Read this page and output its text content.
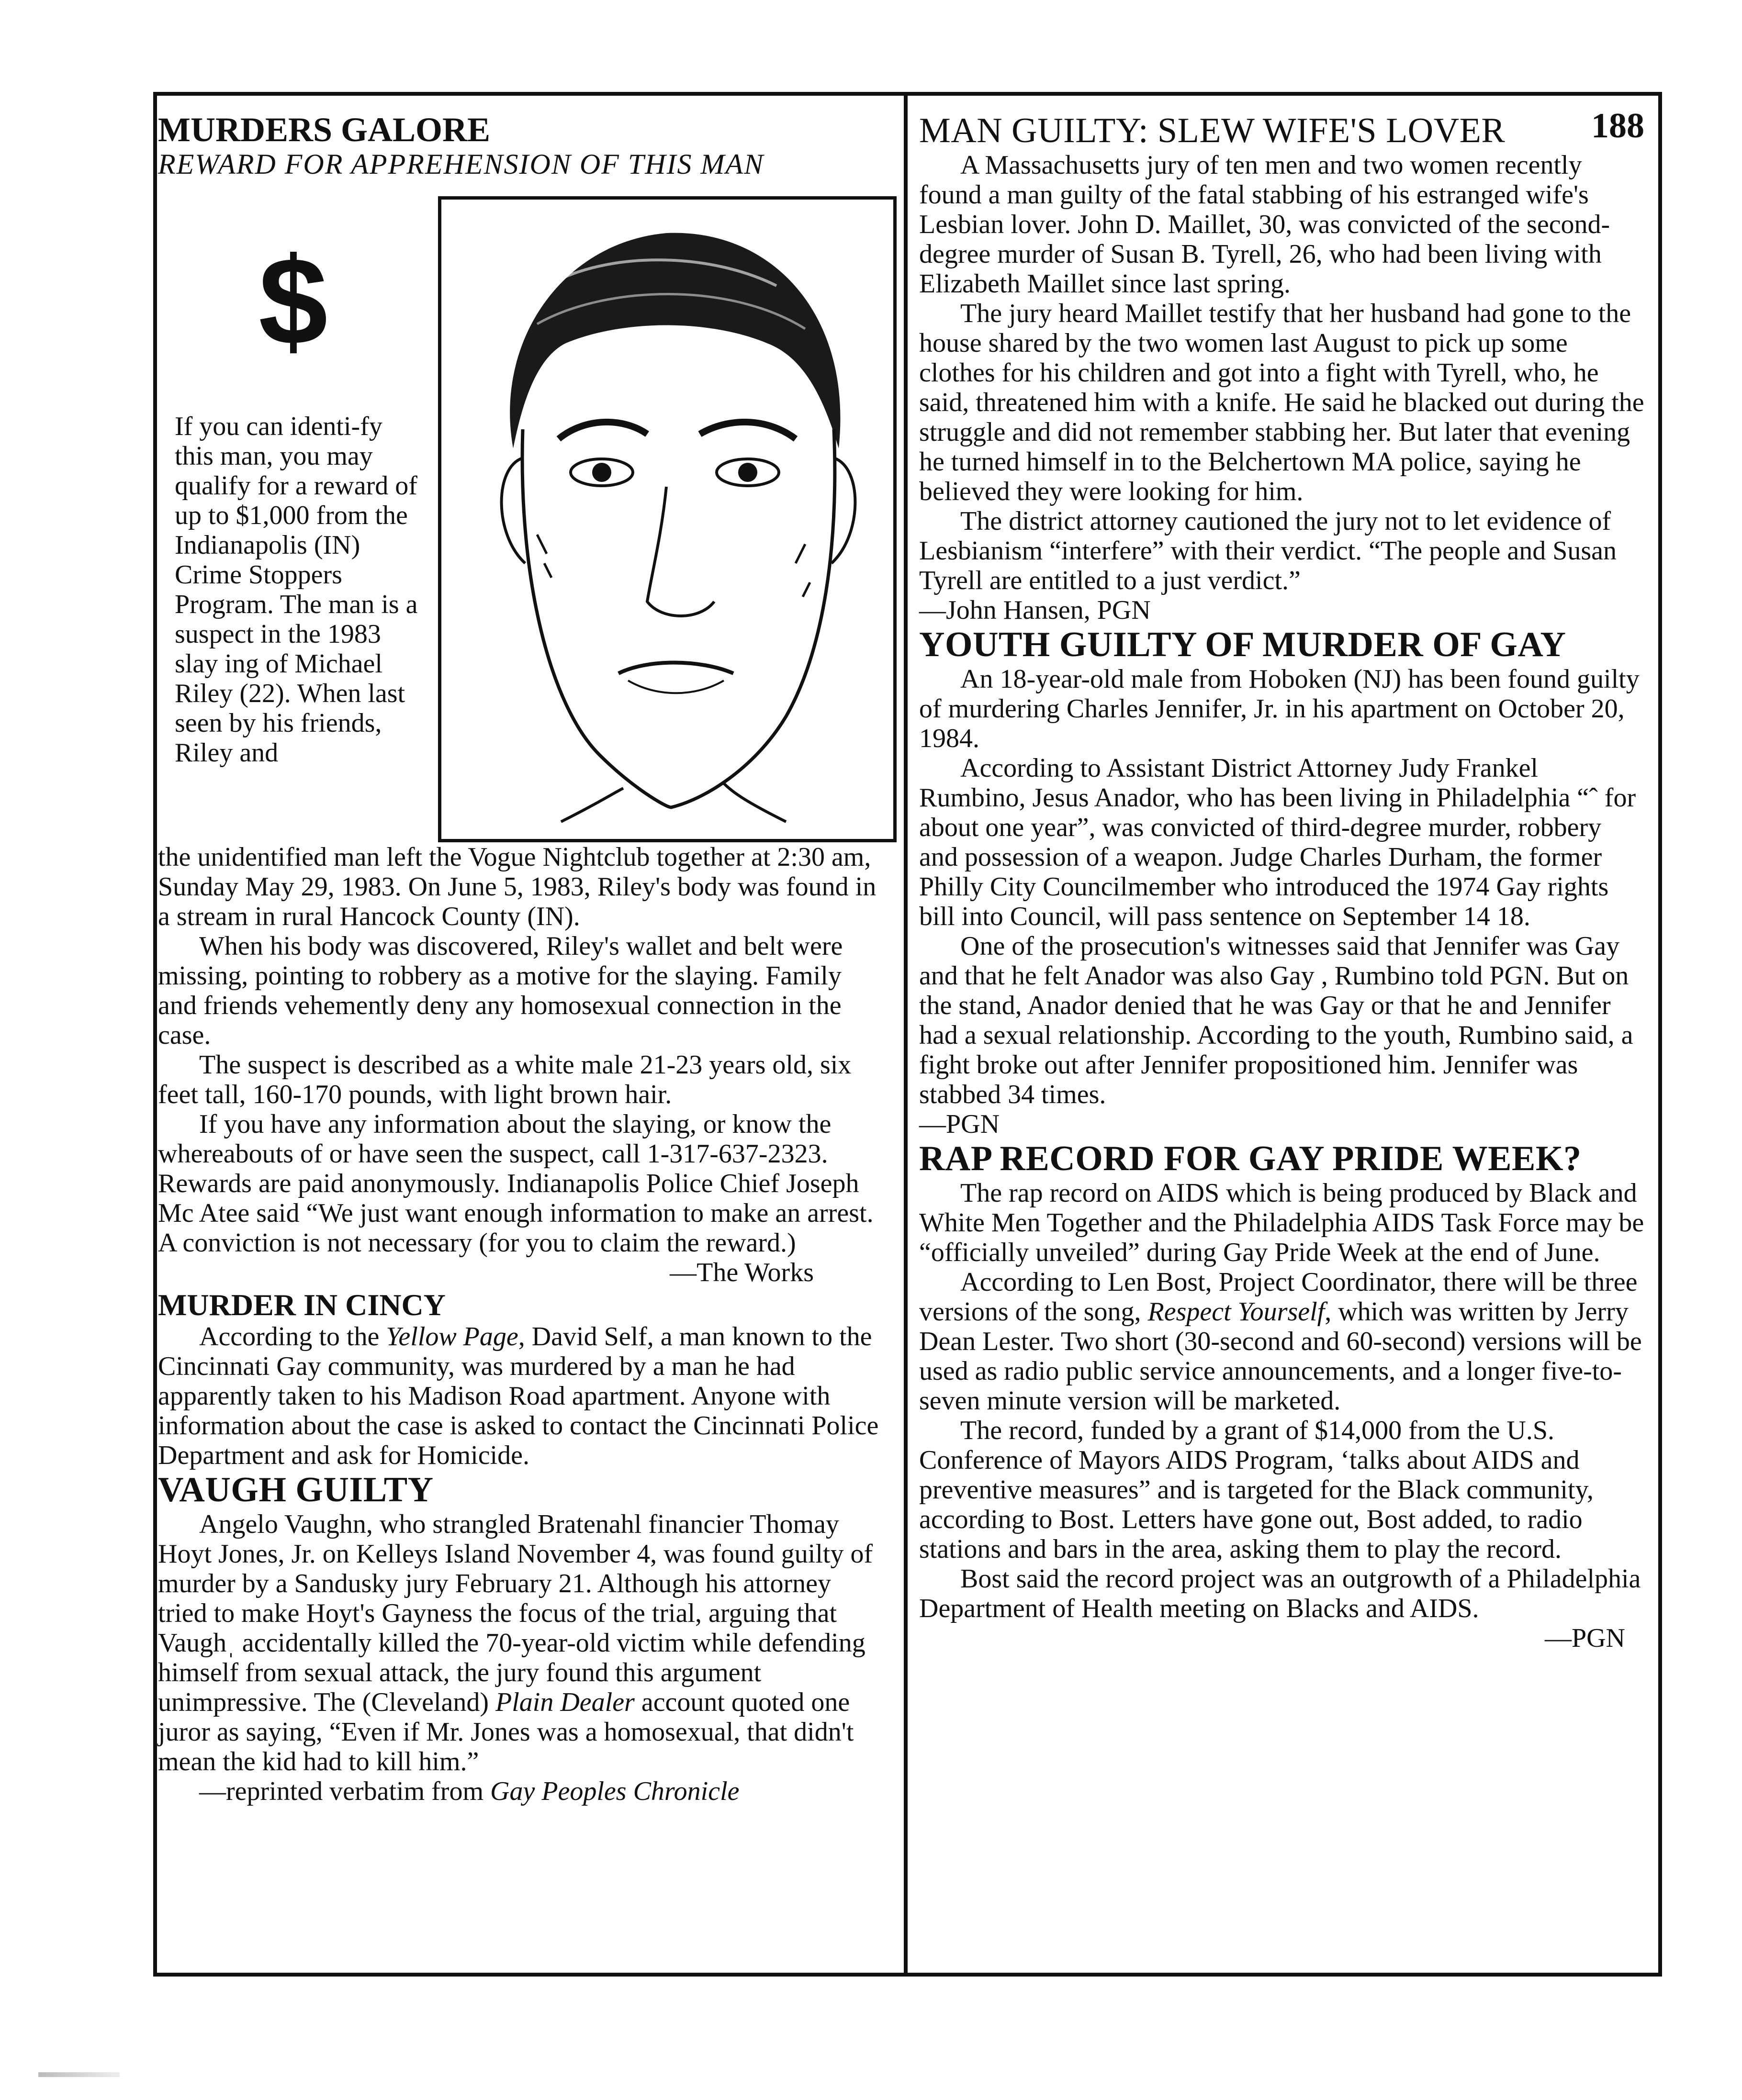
MURDERS GALORE
REWARD FOR APPREHENSION OF THIS MAN
$

If you can identi-fy this man, you may qualify for a reward of up to $1,000 from the Indianapolis (IN) Crime Stoppers Program. The man is a suspect in the 1983 slay ing of Michael Riley (22). When last seen by his friends, Riley and

the unidentified man left the Vogue Nightclub together at 2:30 am, Sunday May 29, 1983. On June 5, 1983, Riley's body was found in a stream in rural Hancock County (IN).

When his body was discovered, Riley's wallet and belt were missing, pointing to robbery as a motive for the slaying. Family and friends vehemently deny any homosexual connection in the case.

The suspect is described as a white male 21-23 years old, six feet tall, 160-170 pounds, with light brown hair.

If you have any information about the slaying, or know the whereabouts of or have seen the suspect, call 1-317-637-2323. Rewards are paid anonymously. Indianapolis Police Chief Joseph Mc Atee said “We just want enough information to make an arrest. A conviction is not necessary (for you to claim the reward.)

—The Works

MURDER IN CINCY

According to the Yellow Page, David Self, a man known to the Cincinnati Gay community, was murdered by a man he had apparently taken to his Madison Road apartment. Anyone with information about the case is asked to contact the Cincinnati Police Department and ask for Homicide.

VAUGH GUILTY

Angelo Vaughn, who strangled Bratenahl financier Thomay Hoyt Jones, Jr. on Kelleys Island November 4, was found guilty of murder by a Sandusky jury February 21. Although his attorney tried to make Hoyt's Gayness the focus of the trial, arguing that Vaughˌ accidentally killed the 70-year-old victim while defending himself from sexual attack, the jury found this argument unimpressive. The (Cleveland) Plain Dealer account quoted one juror as saying, “Even if Mr. Jones was a homosexual, that didn't mean the kid had to kill him.”

—reprinted verbatim from Gay Peoples Chronicle

188
MAN GUILTY: SLEW WIFE'S LOVER

A Massachusetts jury of ten men and two women recently found a man guilty of the fatal stabbing of his estranged wife's Lesbian lover. John D. Maillet, 30, was convicted of the second-degree murder of Susan B. Tyrell, 26, who had been living with Elizabeth Maillet since last spring.

The jury heard Maillet testify that her husband had gone to the house shared by the two women last August to pick up some clothes for his children and got into a fight with Tyrell, who, he said, threatened him with a knife. He said he blacked out during the struggle and did not remember stabbing her. But later that evening he turned himself in to the Belchertown MA police, saying he believed they were looking for him.

The district attorney cautioned the jury not to let evidence of Lesbianism “interfere” with their verdict. “The people and Susan Tyrell are entitled to a just verdict.”

—John Hansen, PGN

YOUTH GUILTY OF MURDER OF GAY

An 18-year-old male from Hoboken (NJ) has been found guilty of murdering Charles Jennifer, Jr. in his apartment on October 20, 1984.

According to Assistant District Attorney Judy Frankel Rumbino, Jesus Anador, who has been living in Philadelphia “ˆ for about one year”, was convicted of third-degree murder, robbery and possession of a weapon. Judge Charles Durham, the former Philly City Councilmember who introduced the 1974 Gay rights bill into Council, will pass sentence on September 14 18.

One of the prosecution's witnesses said that Jennifer was Gay and that he felt Anador was also Gay , Rumbino told PGN. But on the stand, Anador denied that he was Gay or that he and Jennifer had a sexual relationship. According to the youth, Rumbino said, a fight broke out after Jennifer propositioned him. Jennifer was stabbed 34 times.

—PGN

RAP RECORD FOR GAY PRIDE WEEK?

The rap record on AIDS which is being produced by Black and White Men Together and the Philadelphia AIDS Task Force may be “officially unveiled” during Gay Pride Week at the end of June.

According to Len Bost, Project Coordinator, there will be three versions of the song, Respect Yourself, which was written by Jerry Dean Lester. Two short (30-second and 60-second) versions will be used as radio public service announcements, and a longer five-to-seven minute version will be marketed.

The record, funded by a grant of $14,000 from the U.S. Conference of Mayors AIDS Program, ‘talks about AIDS and preventive measures” and is targeted for the Black community, according to Bost. Letters have gone out, Bost added, to radio stations and bars in the area, asking them to play the record.

Bost said the record project was an outgrowth of a Philadelphia Department of Health meeting on Blacks and AIDS.

—PGN
